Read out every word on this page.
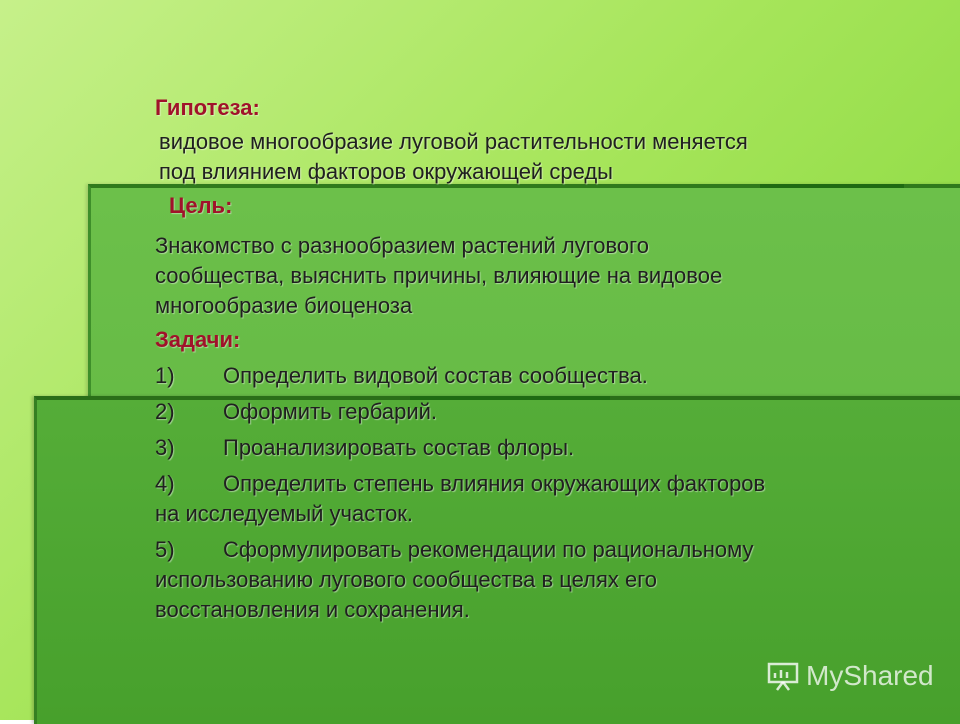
Гипотеза:

видовое многообразие луговой растительности меняется под влиянием факторов окружающей среды

Цель:

Знакомство с разнообразием растений лугового сообщества, выяснить причины, влияющие на видовое многообразие биоценоза

Задачи:

1) Определить видовой состав сообщества.
2) Оформить гербарий.
3) Проанализировать состав флоры.
4) Определить степень влияния окружающих факторов на исследуемый участок.
5) Сформулировать рекомендации по рациональному использованию лугового сообщества в целях его восстановления и сохранения.
MyShared
